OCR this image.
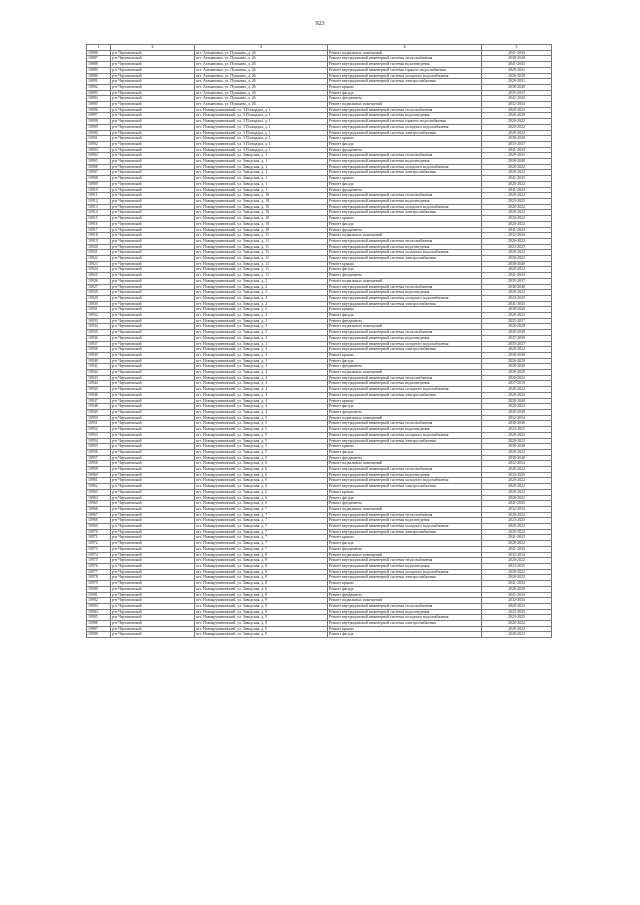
923
1	2	3	4	5
10886	р-н Чертановский	пгт. Атамановка, ул. Пушкина, д. 26	Ремонт подвальных помещений	2041-2043
10887	р-н Чертановский	пгт. Атамановка, ул. Пушкина, д. 26	Ремонт внутридомовой инженерной системы теплоснабжения	2038-2040
10888	р-н Чертановский	пгт. Атамановка, ул. Пушкина, д. 26	Ремонт внутридомовой инженерной системы водоотведения	2041-2043
10889	р-н Чертановский	пгт. Атамановка, ул. Пушкина, д. 26	Ремонт внутридомовой инженерной системы горячего водоснабжения	2029-2031
10890	р-н Чертановский	пгт. Атамановка, ул. Пушкина, д. 26	Ремонт внутридомовой инженерной системы холодного водоснабжения	2026-2028
10891	р-н Чертановский	пгт. Атамановка, ул. Пушкина, д. 26	Ремонт внутридомовой инженерной системы электроснабжения	2029-2031
10892	р-н Чертановский	пгт. Атамановка, ул. Пушкина, д. 26	Ремонт крыши	2038-2040
10893	р-н Чертановский	пгт. Атамановка, ул. Пушкина, д. 26	Ремонт фасада	2035-2037
10894	р-н Чертановский	пгт. Атамановка, ул. Пушкина, д. 26	Ремонт фундамента	2041-2043
10895	р-н Чертановский	пгт. Атамановка, ул. Пушкина, д. 26	Ремонт подвальных помещений	2032-2034
10896	р-н Чертановский	пгт. Новокручининский, ул. 3 Площадка, д. 1	Ремонт внутридомовой инженерной системы теплоснабжения	2020-2022
10897	р-н Чертановский	пгт. Новокручининский, ул. 3 Площадка, д. 1	Ремонт внутридомовой инженерной системы водоотведения	2026-2028
10898	р-н Чертановский	пгт. Новокручининский, ул. 3 Площадка, д. 1	Ремонт внутридомовой инженерной системы горячего водоснабжения	2020-2022
10899	р-н Чертановский	пгт. Новокручининский, ул. 3 Площадка, д. 1	Ремонт внутридомовой инженерной системы холодного водоснабжения	2020-2022
10900	р-н Чертановский	пгт. Новокручининский, ул. 3 Площадка, д. 1	Ремонт внутридомовой инженерной системы электроснабжения	2020-2022
10901	р-н Чертановский	пгт. Новокручининский, ул. 3 Площадка, д. 1	Ремонт крыши	2038-2040
10902	р-н Чертановский	пгт. Новокручининский, ул. 3 Площадка, д. 1	Ремонт фасада	2035-2037
10903	р-н Чертановский	пгт. Новокручининский, ул. 3 Площадка, д. 1	Ремонт фундамента	2041-2043
10904	р-н Чертановский	пгт. Новокручининский, ул. Заводская, д. 1	Ремонт внутридомовой инженерной системы теплоснабжения	2029-2031
10905	р-н Чертановский	пгт. Новокручининский, ул. Заводская, д. 1	Ремонт внутридомовой инженерной системы водоотведения	2038-2040
10906	р-н Чертановский	пгт. Новокручининский, ул. Заводская, д. 1	Ремонт внутридомовой инженерной системы холодного водоснабжения	2020-2022
10907	р-н Чертановский	пгт. Новокручининский, ул. Заводская, д. 1	Ремонт внутридомовой инженерной системы электроснабжения	2020-2022
10908	р-н Чертановский	пгт. Новокручининский, ул. Заводская, д. 1	Ремонт крыши	2041-2043
10909	р-н Чертановский	пгт. Новокручининский, ул. Заводская, д. 1	Ремонт фасада	2020-2022
10910	р-н Чертановский	пгт. Новокручининский, ул. Заводская, д. 1	Ремонт фундамента	2041-2043
10911	р-н Чертановский	пгт. Новокручининский, ул. Заводская, д. 10	Ремонт внутридомовой инженерной системы теплоснабжения	2020-2022
10912	р-н Чертановский	пгт. Новокручининский, ул. Заводская, д. 10	Ремонт внутридомовой инженерной системы водоотведения	2023-2025
10913	р-н Чертановский	пгт. Новокручининский, ул. Заводская, д. 10	Ремонт внутридомовой инженерной системы холодного водоснабжения	2020-2022
10914	р-н Чертановский	пгт. Новокручининский, ул. Заводская, д. 10	Ремонт внутридомовой инженерной системы электроснабжения	2020-2022
10915	р-н Чертановский	пгт. Новокручининский, ул. Заводская, д. 10	Ремонт крыши	2020-2022
10916	р-н Чертановский	пгт. Новокручининский, ул. Заводская, д. 10	Ремонт фасада	2020-2022
10917	р-н Чертановский	пгт. Новокручининский, ул. Заводская, д. 10	Ремонт фундамента	2041-2043
10918	р-н Чертановский	пгт. Новокручининский, ул. Заводская, д. 11	Ремонт подвальных помещений	2032-2034
10919	р-н Чертановский	пгт. Новокручининский, ул. Заводская, д. 11	Ремонт внутридомовой инженерной системы теплоснабжения	2020-2022
10920	р-н Чертановский	пгт. Новокручининский, ул. Заводская, д. 11	Ремонт внутридомовой инженерной системы водоотведения	2023-2025
10921	р-н Чертановский	пгт. Новокручининский, ул. Заводская, д. 11	Ремонт внутридомовой инженерной системы холодного водоснабжения	2020-2022
10922	р-н Чертановский	пгт. Новокручининский, ул. Заводская, д. 11	Ремонт внутридомовой инженерной системы электроснабжения	2020-2022
10923	р-н Чертановский	пгт. Новокручининский, ул. Заводская, д. 11	Ремонт крыши	2038-2040
10924	р-н Чертановский	пгт. Новокручининский, ул. Заводская, д. 11	Ремонт фасада	2020-2022
10925	р-н Чертановский	пгт. Новокручининский, ул. Заводская, д. 11	Ремонт фундамента	2041-2043
10926	р-н Чертановский	пгт. Новокручининский, ул. Заводская, д. 2	Ремонт подвальных помещений	2035-2037
10927	р-н Чертановский	пгт. Новокручининский, ул. Заводская, д. 2	Ремонт внутридомовой инженерной системы теплоснабжения	2038-2040
10928	р-н Чертановский	пгт. Новокручининский, ул. Заводская, д. 2	Ремонт внутридомовой инженерной системы водоотведения	2020-2022
10929	р-н Чертановский	пгт. Новокручининский, ул. Заводская, д. 2	Ремонт внутридомовой инженерной системы холодного водоснабжения	2023-2025
10930	р-н Чертановский	пгт. Новокручининский, ул. Заводская, д. 2	Ремонт внутридомовой инженерной системы электроснабжения	2041-2043
10931	р-н Чертановский	пгт. Новокручининский, ул. Заводская, д. 2	Ремонт крыши	2038-2040
10932	р-н Чертановский	пгт. Новокручининский, ул. Заводская, д. 2	Ремонт фасада	2020-2022
10933	р-н Чертановский	пгт. Новокручининский, ул. Заводская, д. 2	Ремонт фундамента	2035-2037
10934	р-н Чертановский	пгт. Новокручининский, ул. Заводская, д. 3	Ремонт подвальных помещений	2026-2028
10935	р-н Чертановский	пгт. Новокручининский, ул. Заводская, д. 3	Ремонт внутридомовой инженерной системы теплоснабжения	2038-2040
10936	р-н Чертановский	пгт. Новокручининский, ул. Заводская, д. 3	Ремонт внутридомовой инженерной системы водоотведения	2037-2039
10937	р-н Чертановский	пгт. Новокручининский, ул. Заводская, д. 3	Ремонт внутридомовой инженерной системы холодного водоснабжения	2035-2037
10938	р-н Чертановский	пгт. Новокручининский, ул. Заводская, д. 3	Ремонт внутридомовой инженерной системы электроснабжения	2020-2022
10939	р-н Чертановский	пгт. Новокручининский, ул. Заводская, д. 3	Ремонт крыши	2038-2040
10940	р-н Чертановский	пгт. Новокручининский, ул. Заводская, д. 3	Ремонт фасада	2026-2028
10941	р-н Чертановский	пгт. Новокручининский, ул. Заводская, д. 3	Ремонт фундамента	2038-2040
10942	р-н Чертановский	пгт. Новокручининский, ул. Заводская, д. 4	Ремонт подвальных помещений	2026-2028
10943	р-н Чертановский	пгт. Новокручининский, ул. Заводская, д. 4	Ремонт внутридомовой инженерной системы теплоснабжения	2020-2022
10944	р-н Чертановский	пгт. Новокручининский, ул. Заводская, д. 4	Ремонт внутридомовой инженерной системы водоотведения	2017-2019
10945	р-н Чертановский	пгт. Новокручининский, ул. Заводская, д. 4	Ремонт внутридомовой инженерной системы холодного водоснабжения	2020-2022
10946	р-н Чертановский	пгт. Новокручининский, ул. Заводская, д. 4	Ремонт внутридомовой инженерной системы электроснабжения	2020-2022
10947	р-н Чертановский	пгт. Новокручининский, ул. Заводская, д. 4	Ремонт крыши	2038-2040
10948	р-н Чертановский	пгт. Новокручининский, ул. Заводская, д. 4	Ремонт фасада	2020-2022
10949	р-н Чертановский	пгт. Новокручининский, ул. Заводская, д. 4	Ремонт фундамента	2038-2040
10950	р-н Чертановский	пгт. Новокручининский, ул. Заводская, д. 5	Ремонт подвальных помещений	2032-2034
10951	р-н Чертановский	пгт. Новокручининский, ул. Заводская, д. 5	Ремонт внутридомовой инженерной системы теплоснабжения	2038-2040
10952	р-н Чертановский	пгт. Новокручининский, ул. Заводская, д. 5	Ремонт внутридомовой инженерной системы водоотведения	2023-2025
10953	р-н Чертановский	пгт. Новокручининский, ул. Заводская, д. 5	Ремонт внутридомовой инженерной системы холодного водоснабжения	2020-2022
10954	р-н Чертановский	пгт. Новокручининский, ул. Заводская, д. 5	Ремонт внутридомовой инженерной системы электроснабжения	2020-2022
10955	р-н Чертановский	пгт. Новокручининский, ул. Заводская, д. 5	Ремонт крыши	2038-2040
10956	р-н Чертановский	пгт. Новокручининский, ул. Заводская, д. 5	Ремонт фасада	2020-2022
10957	р-н Чертановский	пгт. Новокручининский, ул. Заводская, д. 5	Ремонт фундамента	2038-2040
10958	р-н Чертановский	пгт. Новокручининский, ул. Заводская, д. 6	Ремонт подвальных помещений	2032-2034
10959	р-н Чертановский	пгт. Новокручининский, ул. Заводская, д. 6	Ремонт внутридомовой инженерной системы теплоснабжения	2020-2022
10960	р-н Чертановский	пгт. Новокручининский, ул. Заводская, д. 6	Ремонт внутридомовой инженерной системы водоотведения	2023-2025
10961	р-н Чертановский	пгт. Новокручининский, ул. Заводская, д. 6	Ремонт внутридомовой инженерной системы холодного водоснабжения	2020-2022
10962	р-н Чертановский	пгт. Новокручининский, ул. Заводская, д. 6	Ремонт внутридомовой инженерной системы электроснабжения	2020-2022
10963	р-н Чертановский	пгт. Новокручининский, ул. Заводская, д. 6	Ремонт крыши	2020-2022
10964	р-н Чертановский	пгт. Новокручининский, ул. Заводская, д. 6	Ремонт фасада	2020-2022
10965	р-н Чертановский	пгт. Новокручининский, ул. Заводская, д. 6	Ремонт фундамента	2041-2043
10966	р-н Чертановский	пгт. Новокручининский, ул. Заводская, д. 7	Ремонт подвальных помещений	2032-2034
10967	р-н Чертановский	пгт. Новокручининский, ул. Заводская, д. 7	Ремонт внутридомовой инженерной системы теплоснабжения	2020-2022
10968	р-н Чертановский	пгт. Новокручининский, ул. Заводская, д. 7	Ремонт внутридомовой инженерной системы водоотведения	2023-2025
10969	р-н Чертановский	пгт. Новокручининский, ул. Заводская, д. 7	Ремонт внутридомовой инженерной системы холодного водоснабжения	2020-2022
10970	р-н Чертановский	пгт. Новокручининский, ул. Заводская, д. 7	Ремонт внутридомовой инженерной системы электроснабжения	2020-2022
10971	р-н Чертановский	пгт. Новокручининский, ул. Заводская, д. 7	Ремонт крыши	2041-2043
10972	р-н Чертановский	пгт. Новокручининский, ул. Заводская, д. 7	Ремонт фасада	2020-2022
10973	р-н Чертановский	пгт. Новокручининский, ул. Заводская, д. 7	Ремонт фундамента	2041-2043
10974	р-н Чертановский	пгт. Новокручининский, ул. Заводская, д. 8	Ремонт подвальных помещений	2032-2034
10975	р-н Чертановский	пгт. Новокручининский, ул. Заводская, д. 8	Ремонт внутридомовой инженерной системы теплоснабжения	2020-2022
10976	р-н Чертановский	пгт. Новокручининский, ул. Заводская, д. 8	Ремонт внутридомовой инженерной системы водоотведения	2023-2025
10977	р-н Чертановский	пгт. Новокручининский, ул. Заводская, д. 8	Ремонт внутридомовой инженерной системы холодного водоснабжения	2020-2022
10978	р-н Чертановский	пгт. Новокручининский, ул. Заводская, д. 8	Ремонт внутридомовой инженерной системы электроснабжения	2020-2022
10979	р-н Чертановский	пгт. Новокручининский, ул. Заводская, д. 8	Ремонт крыши	2041-2043
10980	р-н Чертановский	пгт. Новокручининский, ул. Заводская, д. 8	Ремонт фасада	2026-2028
10981	р-н Чертановский	пгт. Новокручининский, ул. Заводская, д. 8	Ремонт фундамента	2041-2043
10982	р-н Чертановский	пгт. Новокручининский, ул. Заводская, д. 9	Ремонт подвальных помещений	2032-2034
10983	р-н Чертановский	пгт. Новокручининский, ул. Заводская, д. 9	Ремонт внутридомовой инженерной системы теплоснабжения	2020-2022
10984	р-н Чертановский	пгт. Новокручининский, ул. Заводская, д. 9	Ремонт внутридомовой инженерной системы водоотведения	2023-2025
10985	р-н Чертановский	пгт. Новокручининский, ул. Заводская, д. 9	Ремонт внутридомовой инженерной системы холодного водоснабжения	2023-2025
10986	р-н Чертановский	пгт. Новокручининский, ул. Заводская, д. 9	Ремонт внутридомовой инженерной системы электроснабжения	2020-2022
10987	р-н Чертановский	пгт. Новокручининский, ул. Заводская, д. 9	Ремонт крыши	2020-2022
10988	р-н Чертановский	пгт. Новокручининский, ул. Заводская, д. 9	Ремонт фасада	2020-2022
